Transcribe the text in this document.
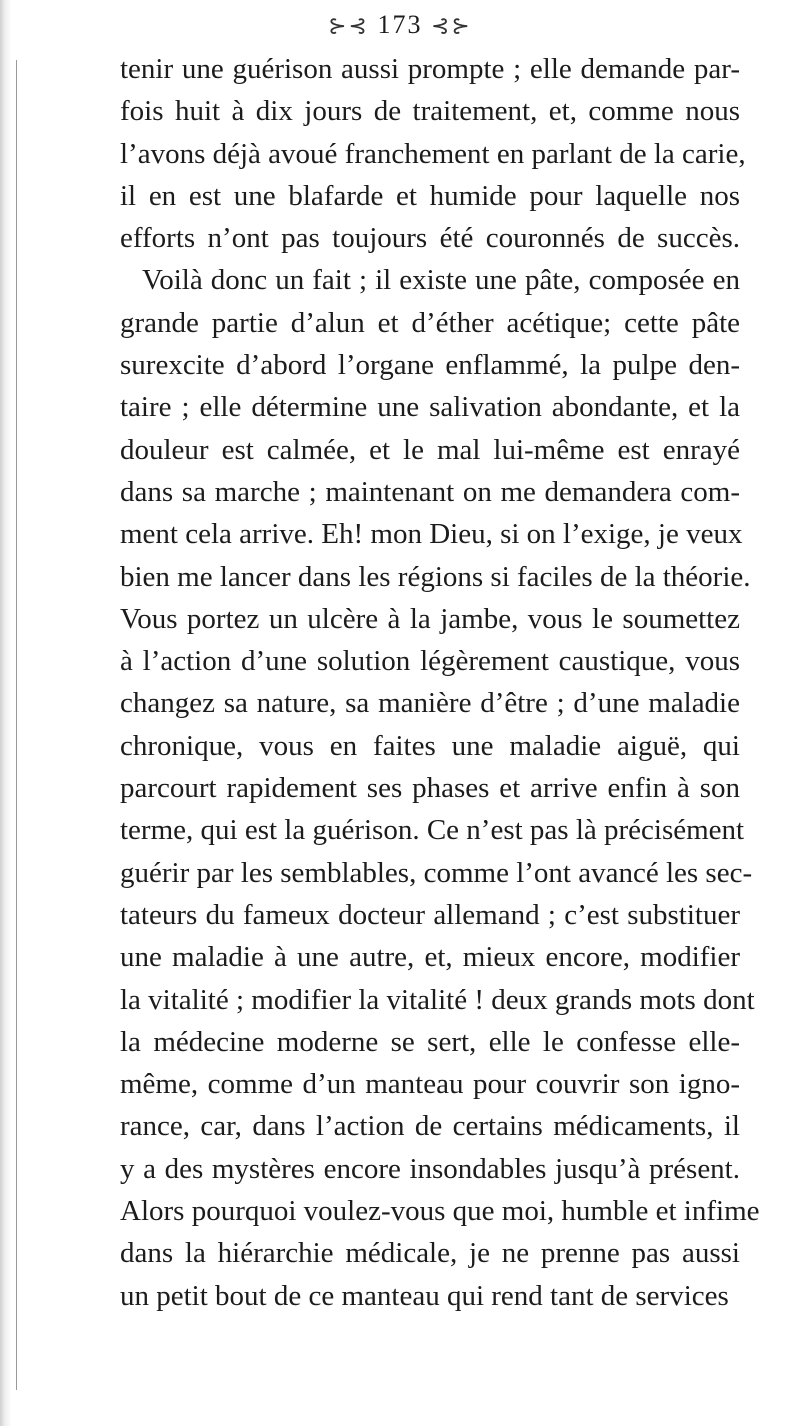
⊱⊰ 173 ⊰⊱
tenir une guérison aussi prompte ; elle demande par-
fois huit à dix jours de traitement, et, comme nous
l’avons déjà avoué franchement en parlant de la carie,
il en est une blafarde et humide pour laquelle nos
efforts n’ont pas toujours été couronnés de succès.
Voilà donc un fait ; il existe une pâte, composée en
grande partie d’alun et d’éther acétique; cette pâte
surexcite d’abord l’organe enflammé, la pulpe den-
taire ; elle détermine une salivation abondante, et la
douleur est calmée, et le mal lui-même est enrayé
dans sa marche ; maintenant on me demandera com-
ment cela arrive. Eh! mon Dieu, si on l’exige, je veux
bien me lancer dans les régions si faciles de la théorie.
Vous portez un ulcère à la jambe, vous le soumettez
à l’action d’une solution légèrement caustique, vous
changez sa nature, sa manière d’être ; d’une maladie
chronique, vous en faites une maladie aiguë, qui
parcourt rapidement ses phases et arrive enfin à son
terme, qui est la guérison. Ce n’est pas là précisément
guérir par les semblables, comme l’ont avancé les sec-
tateurs du fameux docteur allemand ; c’est substituer
une maladie à une autre, et, mieux encore, modifier
la vitalité ; modifier la vitalité ! deux grands mots dont
la médecine moderne se sert, elle le confesse elle-
même, comme d’un manteau pour couvrir son igno-
rance, car, dans l’action de certains médicaments, il
y a des mystères encore insondables jusqu’à présent.
Alors pourquoi voulez-vous que moi, humble et infime
dans la hiérarchie médicale, je ne prenne pas aussi
un petit bout de ce manteau qui rend tant de services
